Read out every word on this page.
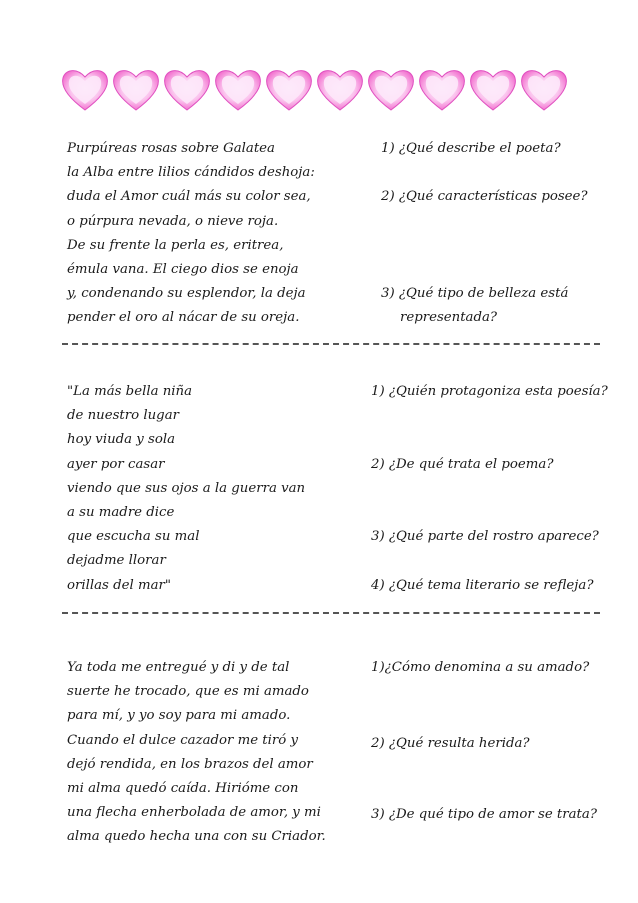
Purpúreas rosas sobre Galatea
la Alba entre lilios cándidos deshoja:
duda el Amor cuál más su color sea,
o púrpura nevada, o nieve roja.
De su frente la perla es, eritrea,
émula vana. El ciego dios se enoja
y, condenando su esplendor, la deja
pender el oro al nácar de su oreja.
1) ¿Qué describe el poeta?
2) ¿Qué características posee?
3) ¿Qué tipo de belleza está
representada?
"La más bella niña
de nuestro lugar
hoy viuda y sola
ayer por casar
viendo que sus ojos a la guerra van
a su madre dice
que escucha su mal
dejadme llorar
orillas del mar"
1) ¿Quién protagoniza esta poesía?
2) ¿De qué trata el poema?
3) ¿Qué parte del rostro aparece?
4) ¿Qué tema literario se refleja?
Ya toda me entregué y di y de tal
suerte he trocado, que es mi amado
para mí, y yo soy para mi amado.
Cuando el dulce cazador me tiró y
dejó rendida, en los brazos del amor
mi alma quedó caída. Hirióme con
una flecha enherbolada de amor, y mi
alma quedo hecha una con su Criador.
1)¿Cómo denomina a su amado?
2) ¿Qué resulta herida?
3) ¿De qué tipo de amor se trata?
